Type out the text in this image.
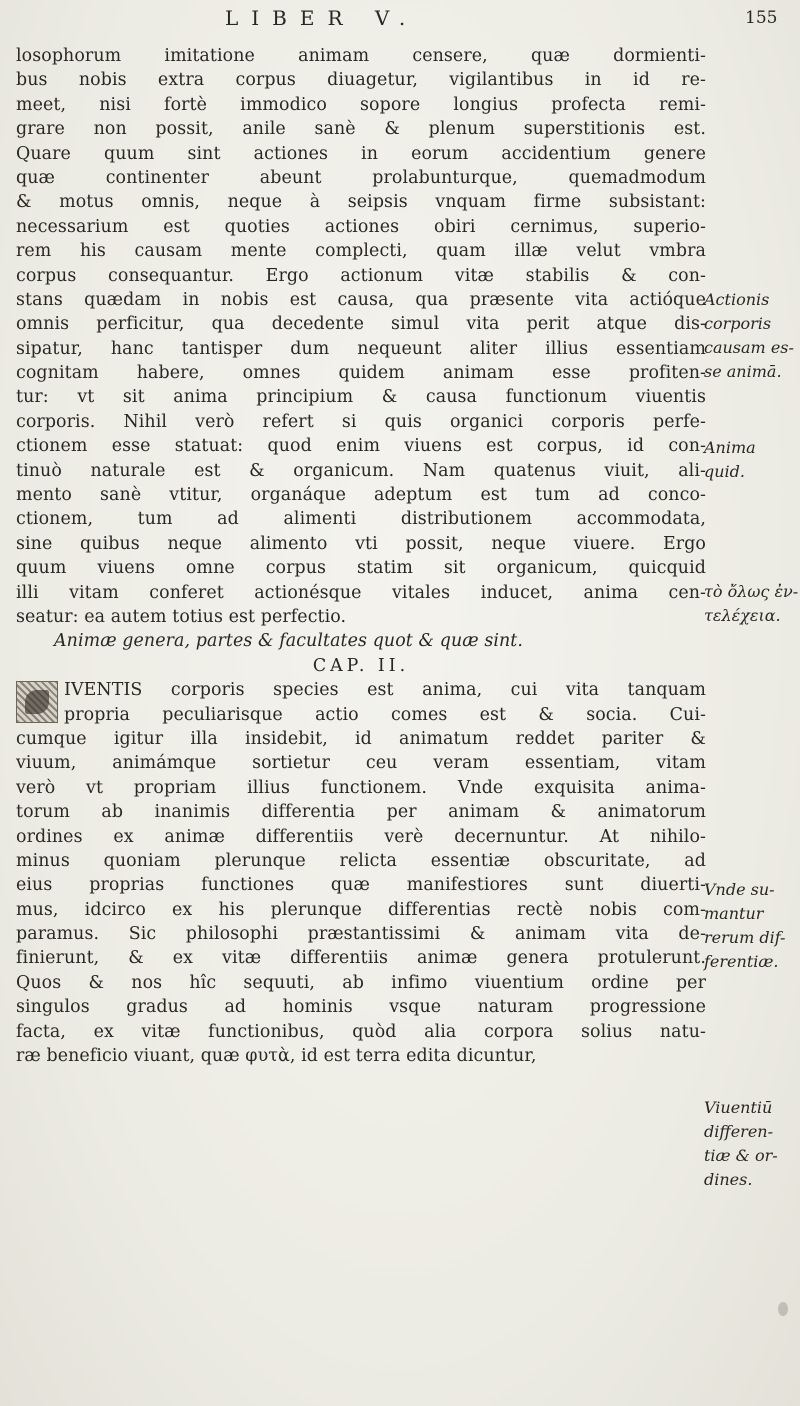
LIBER V.	155
losophorum imitatione animam censere, quæ dormienti-
bus nobis extra corpus diuagetur, vigilantibus in id re-
meet, nisi fortè immodico sopore longius profecta remi-
grare non possit, anile sanè & plenum superstitionis est.
Quare quum sint actiones in eorum accidentium genere
quæ continenter abeunt prolabunturque, quemadmodum
& motus omnis, neque à seipsis vnquam firme subsistant:
necessarium est quoties actiones obiri cernimus, superio-
rem his causam mente complecti, quam illæ velut vmbra
corpus consequantur. Ergo actionum vitæ stabilis & con-
stans quædam in nobis est causa, qua præsente vita actióque
omnis perficitur, qua decedente simul vita perit atque dis-
sipatur, hanc tantisper dum nequeunt aliter illius essentiam
cognitam habere, omnes quidem animam esse profiten-
tur: vt sit anima principium & causa functionum viuentis
corporis. Nihil verò refert si quis organici corporis perfe-
ctionem esse statuat: quod enim viuens est corpus, id con-
tinuò naturale est & organicum. Nam quatenus viuit, ali-
mento sanè vtitur, organáque adeptum est tum ad conco-
ctionem, tum ad alimenti distributionem accommodata,
sine quibus neque alimento vti possit, neque viuere. Ergo
quum viuens omne corpus statim sit organicum, quicquid
illi vitam conferet actionésque vitales inducet, anima cen-
seatur: ea autem totius est perfectio.
Animæ genera, partes & facultates quot & quæ sint.
CAP. II.
IVENTIS corporis species est anima, cui vita tanquam
propria peculiarisque actio comes est & socia. Cui-
cumque igitur illa insidebit, id animatum reddet pariter &
viuum, animámque sortietur ceu veram essentiam, vitam
verò vt propriam illius functionem. Vnde exquisita anima-
torum ab inanimis differentia per animam & animatorum
ordines ex animæ differentiis verè decernuntur. At nihilo-
minus quoniam plerunque relicta essentiæ obscuritate, ad
eius proprias functiones quæ manifestiores sunt diuerti-
mus, idcirco ex his plerunque differentias rectè nobis com-
paramus. Sic philosophi præstantissimi & animam vita de-
finierunt, & ex vitæ differentiis animæ genera protulerunt.
Quos & nos hîc sequuti, ab infimo viuentium ordine per
singulos gradus ad hominis vsque naturam progressione
facta, ex vitæ functionibus, quòd alia corpora solius natu-
ræ beneficio viuant, quæ φυτὰ, id est terra edita dicuntur,
Actionis
corporis
causam es-
se animā.
Anima
quid.
τὸ ὄλως ἐν-
τελέχεια.
Vnde su-
mantur
rerum dif-
ferentiæ.
Viuentiū
differen-
tiæ & or-
dines.
